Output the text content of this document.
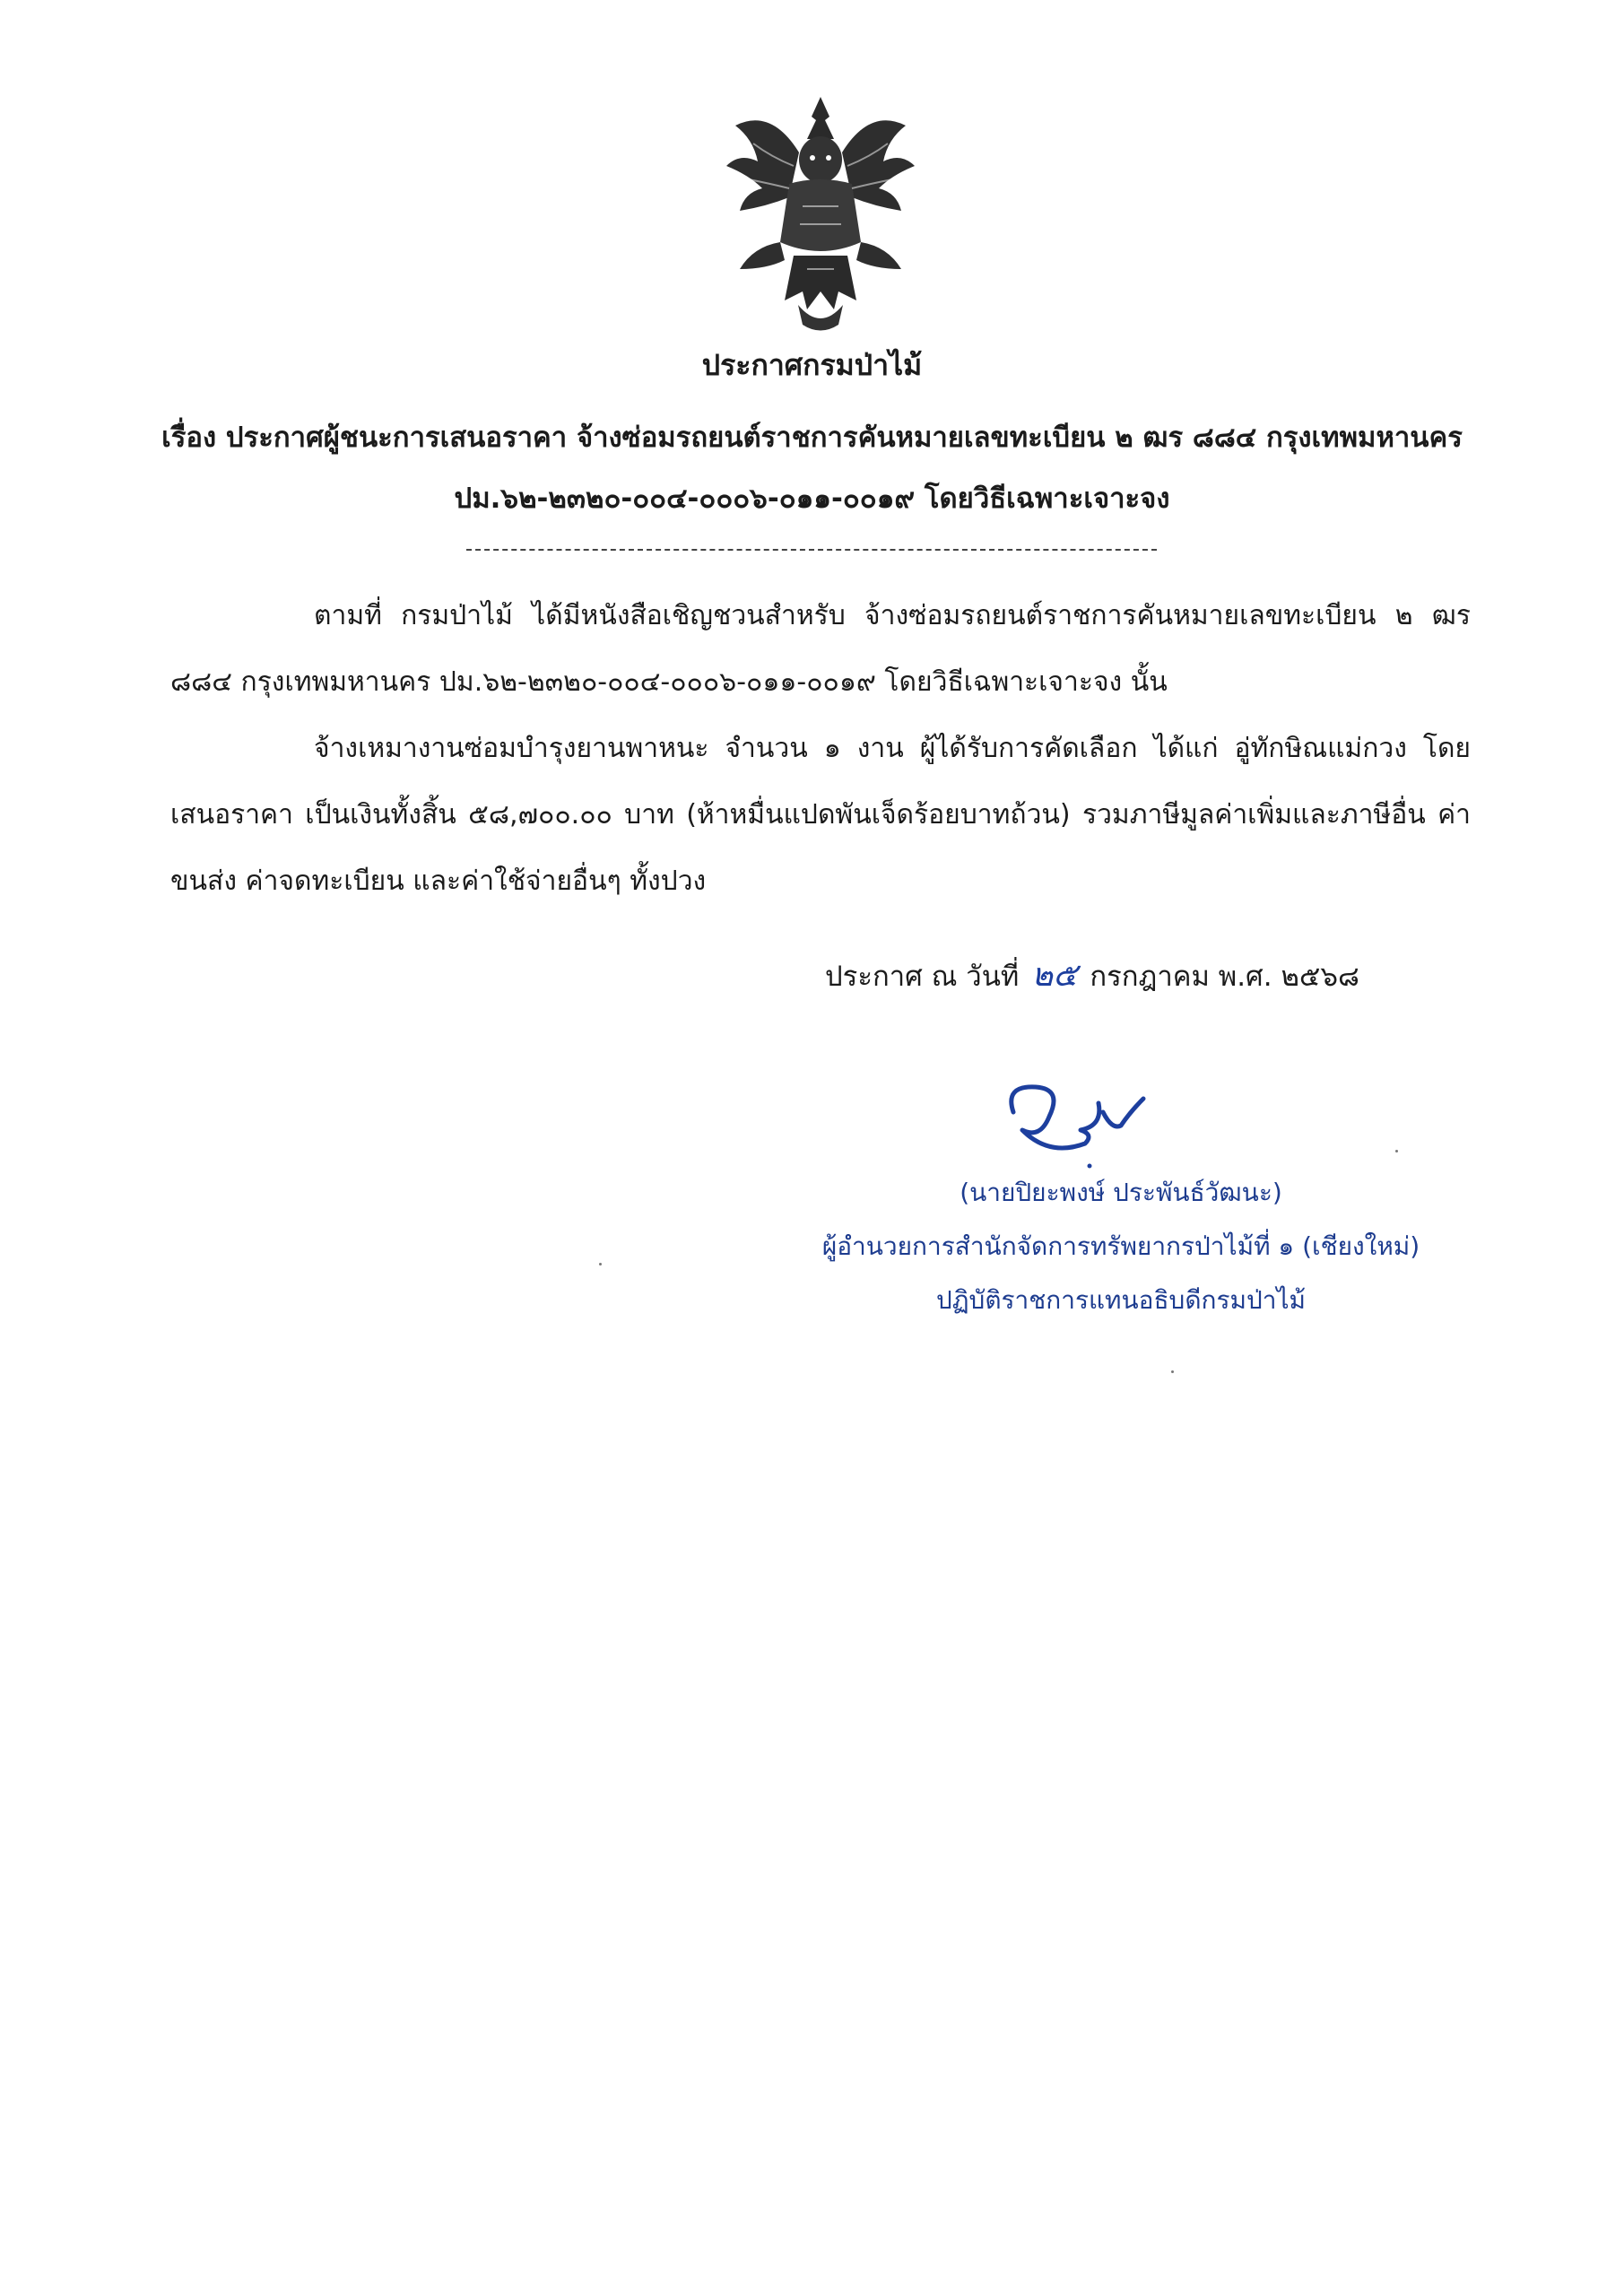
ประกาศกรมป่าไม้
เรื่อง ประกาศผู้ชนะการเสนอราคา จ้างซ่อมรถยนต์ราชการคันหมายเลขทะเบียน ๒ ฒร ๘๘๔ กรุงเทพมหานคร
ปม.๖๒-๒๓๒๐-๐๐๔-๐๐๐๖-๐๑๑-๐๐๑๙ โดยวิธีเฉพาะเจาะจง
ตามที่ กรมป่าไม้ ได้มีหนังสือเชิญชวนสำหรับ จ้างซ่อมรถยนต์ราชการคันหมายเลขทะเบียน ๒ ฒร ๘๘๔ กรุงเทพมหานคร ปม.๖๒-๒๓๒๐-๐๐๔-๐๐๐๖-๐๑๑-๐๐๑๙ โดยวิธีเฉพาะเจาะจง นั้น
จ้างเหมางานซ่อมบำรุงยานพาหนะ จำนวน ๑ งาน ผู้ได้รับการคัดเลือก ได้แก่ อู่ทักษิณแม่กวง โดยเสนอราคา เป็นเงินทั้งสิ้น ๕๘,๗๐๐.๐๐ บาท (ห้าหมื่นแปดพันเจ็ดร้อยบาทถ้วน) รวมภาษีมูลค่าเพิ่มและภาษีอื่น ค่าขนส่ง ค่าจดทะเบียน และค่าใช้จ่ายอื่นๆ ทั้งปวง
ประกาศ ณ วันที่ ๒๕ กรกฎาคม พ.ศ. ๒๕๖๘
(นายปิยะพงษ์ ประพันธ์วัฒนะ)
ผู้อำนวยการสำนักจัดการทรัพยากรป่าไม้ที่ ๑ (เชียงใหม่)
ปฏิบัติราชการแทนอธิบดีกรมป่าไม้
